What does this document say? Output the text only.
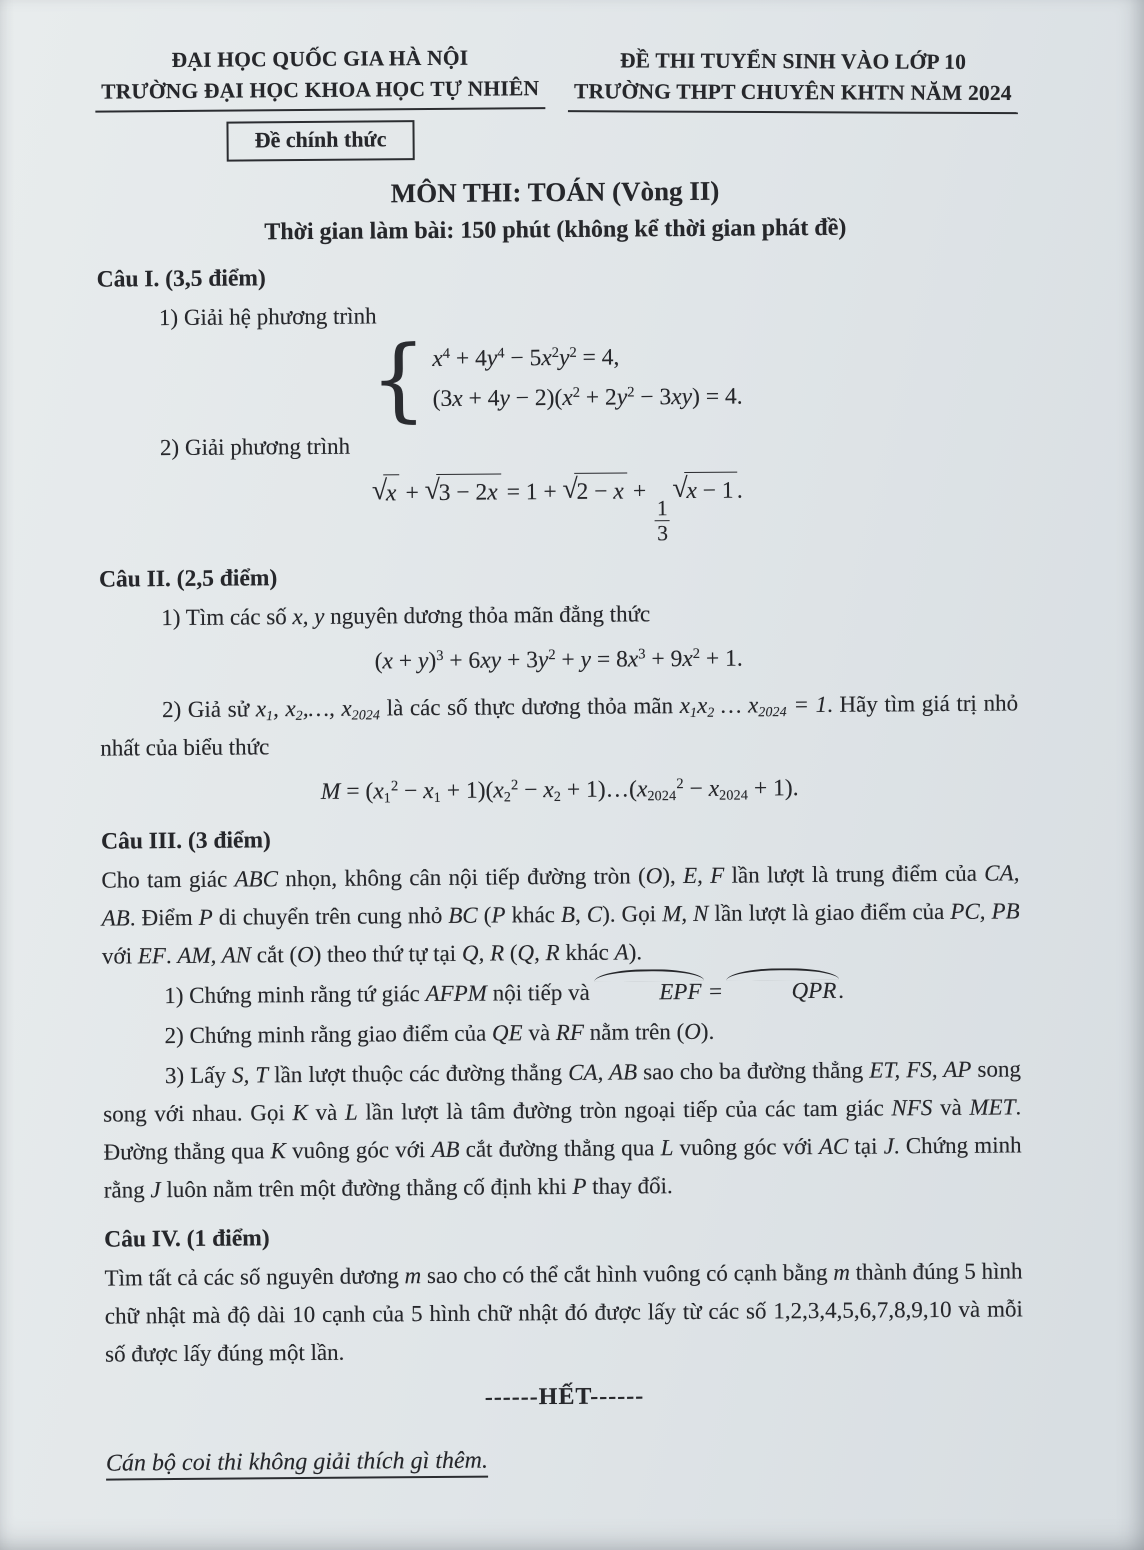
ĐẠI HỌC QUỐC GIA HÀ NỘI
TRƯỜNG ĐẠI HỌC KHOA HỌC TỰ NHIÊN
Đề chính thức
ĐỀ THI TUYỂN SINH VÀO LỚP 10
TRƯỜNG THPT CHUYÊN KHTN NĂM 2024
MÔN THI: TOÁN (Vòng II)
Thời gian làm bài: 150 phút (không kể thời gian phát đề)
Câu I. (3,5 điểm)

1) Giải hệ phương trình

{ $x^4 + 4y^4 - 5x^2y^2 = 4$,
$(3x + 4y - 2)(x^2 + 2y^2 - 3xy) = 4$.

2) Giải phương trình

√ x + √ 3 − 2x = 1 + √ 2 − x +
$\frac{1}{3}$
√ x − 1 .
Câu II. (2,5 điểm)

1) Tìm các số x, y nguyên dương thỏa mãn đẳng thức

$(x + y)^3 + 6xy + 3y^2 + y = 8x^3 + 9x^2 + 1$.

2) Giả sử $x_1$, $x_2,\dots$, $x_{2024}$ là các số thực dương thỏa mãn $x_1x_2$ … $x_{2024} = 1$. Hãy tìm giá trị nhỏ nhất của biểu thức

$M = (x_1^2 - x_1 + 1)(x_2^2 - x_2$ + $1)\dots(x_{2024}^2 - x_{2024} + 1)$.
Câu III. (3 điểm)

Cho tam giác ABC nhọn, không cân nội tiếp đường tròn (O), E, F lần lượt là trung điểm của CA, AB. Điểm P di chuyển trên cung nhỏ BC (P khác B, C). Gọi M, N lần lượt là giao điểm của PC, PB với EF. AM, AN cắt (O) theo thứ tự tại Q, R (Q, R khác A).

1) Chứng minh rằng tứ giác AFPM nội tiếp và	EPF =	QPR.

2) Chứng minh rằng giao điểm của QE và RF nằm trên (O).

3) Lấy S, T lần lượt thuộc các đường thẳng CA, AB sao cho ba đường thẳng ET, FS, AP song song với nhau. Gọi K và L lần lượt là tâm đường tròn ngoại tiếp của các tam giác NFS và MET. Đường thẳng qua K vuông góc với AB cắt đường thẳng qua L vuông góc với AC tại J. Chứng minh rằng J luôn nằm trên một đường thẳng cố định khi P thay đổi.

Câu IV. (1 điểm)

Tìm tất cả các số nguyên dương m sao cho có thể cắt hình vuông có cạnh bằng m thành đúng 5 hình chữ nhật mà độ dài 10 cạnh của 5 hình chữ nhật đó được lấy từ các số 1,2,3,4,5,6,7,8,9,10 và mỗi số được lấy đúng một lần.

------HẾT------
Cán bộ coi thi không giải thích gì thêm.
